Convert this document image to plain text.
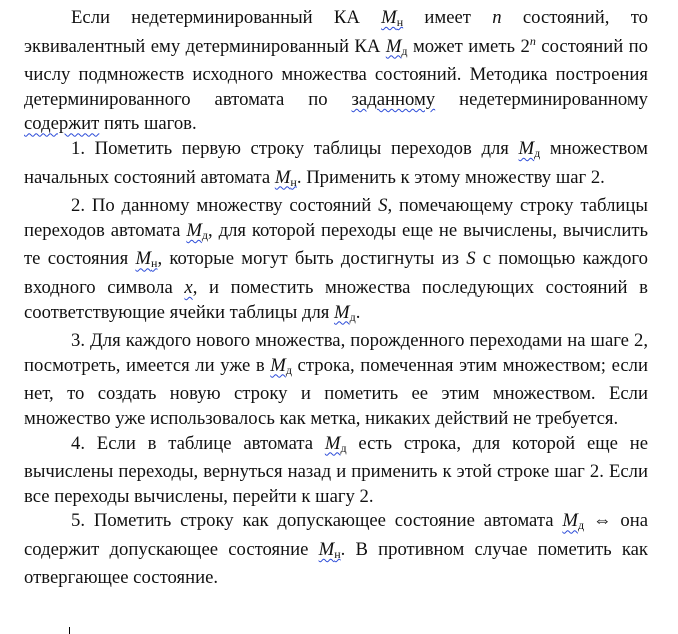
Если недетерминированный КА $М_н$ имеет n состояний, то эквивалентный ему детерминированный КА $М_д$ может иметь 2$^n$ состояний по числу подмножеств исходного множества состояний. Методика построения детерминированного автомата по заданному недетерминированному содержит пять шагов.

1. Пометить первую строку таблицы переходов для $М_д$ множеством начальных состояний автомата $М_н$. Применить к этому множеству шаг 2.

2. По данному множеству состояний S, помечающему строку таблицы переходов автомата $М_д$, для которой переходы еще не вычислены, вычислить те состояния $М_н$, которые могут быть достигнуты из S с помощью каждого входного символа x, и поместить множества последующих состояний в соответствующие ячейки таблицы для $М_д$.

3. Для каждого нового множества, порожденного переходами на шаге 2, посмотреть, имеется ли уже в $М_д$ строка, помеченная этим множеством; если нет, то создать новую строку и пометить ее этим множеством. Если множество уже использовалось как метка, никаких действий не требуется.

4. Если в таблице автомата $М_д$ есть строка, для которой еще не вычислены переходы, вернуться назад и применить к этой строке шаг 2. Если все переходы вычислены, перейти к шагу 2.

5. Пометить строку как допускающее состояние автомата $М_д$ ⇔ она содержит допускающее состояние $М_н$. В противном случае пометить как отвергающее состояние.
